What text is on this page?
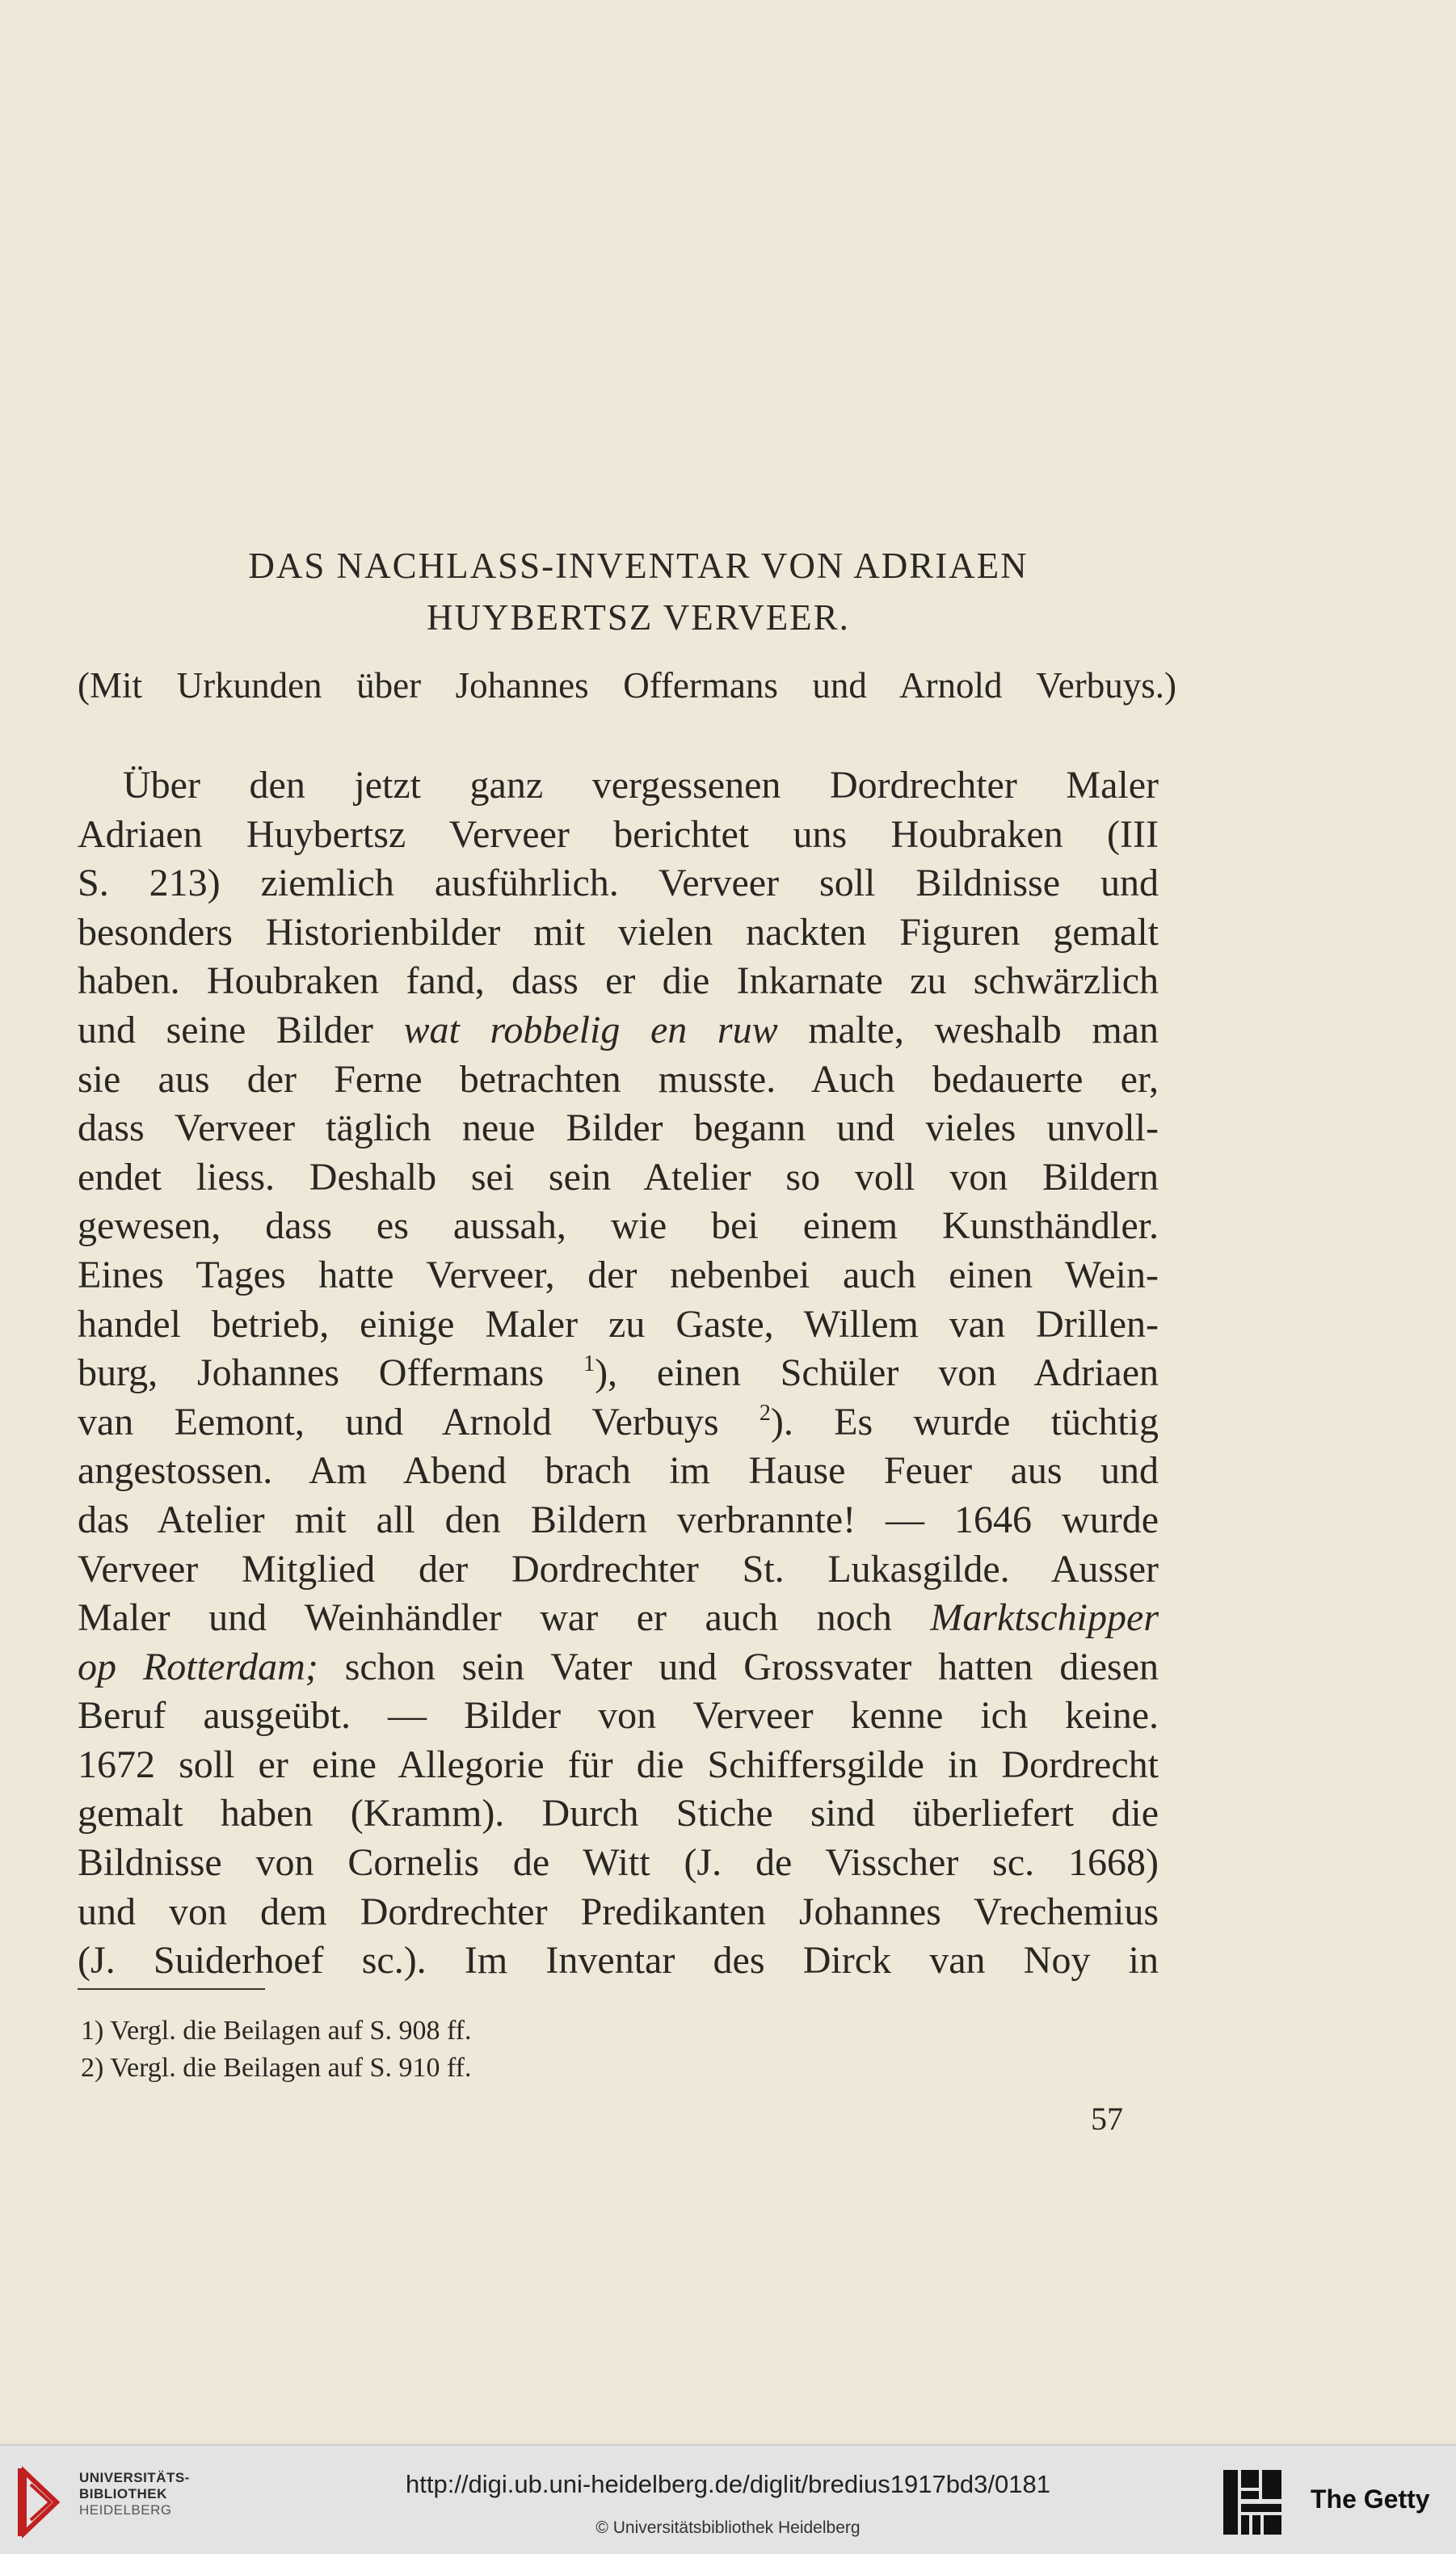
DAS NACHLASS-INVENTAR VON ADRIAEN
HUYBERTSZ VERVEER.
(Mit Urkunden über Johannes Offermans und Arnold Verbuys.)
Über den jetzt ganz vergessenen Dordrechter Maler
Adriaen Huybertsz Verveer berichtet uns Houbraken (III
S. 213) ziemlich ausführlich. Verveer soll Bildnisse und
besonders Historienbilder mit vielen nackten Figuren gemalt
haben. Houbraken fand, dass er die Inkarnate zu schwärzlich
und seine Bilder wat robbelig en ruw malte, weshalb man
sie aus der Ferne betrachten musste. Auch bedauerte er,
dass Verveer täglich neue Bilder begann und vieles unvoll-
endet liess. Deshalb sei sein Atelier so voll von Bildern
gewesen, dass es aussah, wie bei einem Kunsthändler.
Eines Tages hatte Verveer, der nebenbei auch einen Wein-
handel betrieb, einige Maler zu Gaste, Willem van Drillen-
burg, Johannes Offermans $^1$), einen Schüler von Adriaen
van Eemont, und Arnold Verbuys $^2$). Es wurde tüchtig
angestossen. Am Abend brach im Hause Feuer aus und
das Atelier mit all den Bildern verbrannte! — 1646 wurde
Verveer Mitglied der Dordrechter St. Lukasgilde. Ausser
Maler und Weinhändler war er auch noch Marktschipper
op Rotterdam; schon sein Vater und Grossvater hatten diesen
Beruf ausgeübt. — Bilder von Verveer kenne ich keine.
1672 soll er eine Allegorie für die Schiffersgilde in Dordrecht
gemalt haben (Kramm). Durch Stiche sind überliefert die
Bildnisse von Cornelis de Witt (J. de Visscher sc. 1668)
und von dem Dordrechter Predikanten Johannes Vrechemius
(J. Suiderhoef sc.). Im Inventar des Dirck van Noy in
1) Vergl. die Beilagen auf S. 908 ff.
2) Vergl. die Beilagen auf S. 910 ff.
57
UNIVERSITÄTS-
BIBLIOTHEK
HEIDELBERG
http://digi.ub.uni-heidelberg.de/diglit/bredius1917bd3/0181
© Universitätsbibliothek Heidelberg
The Getty
